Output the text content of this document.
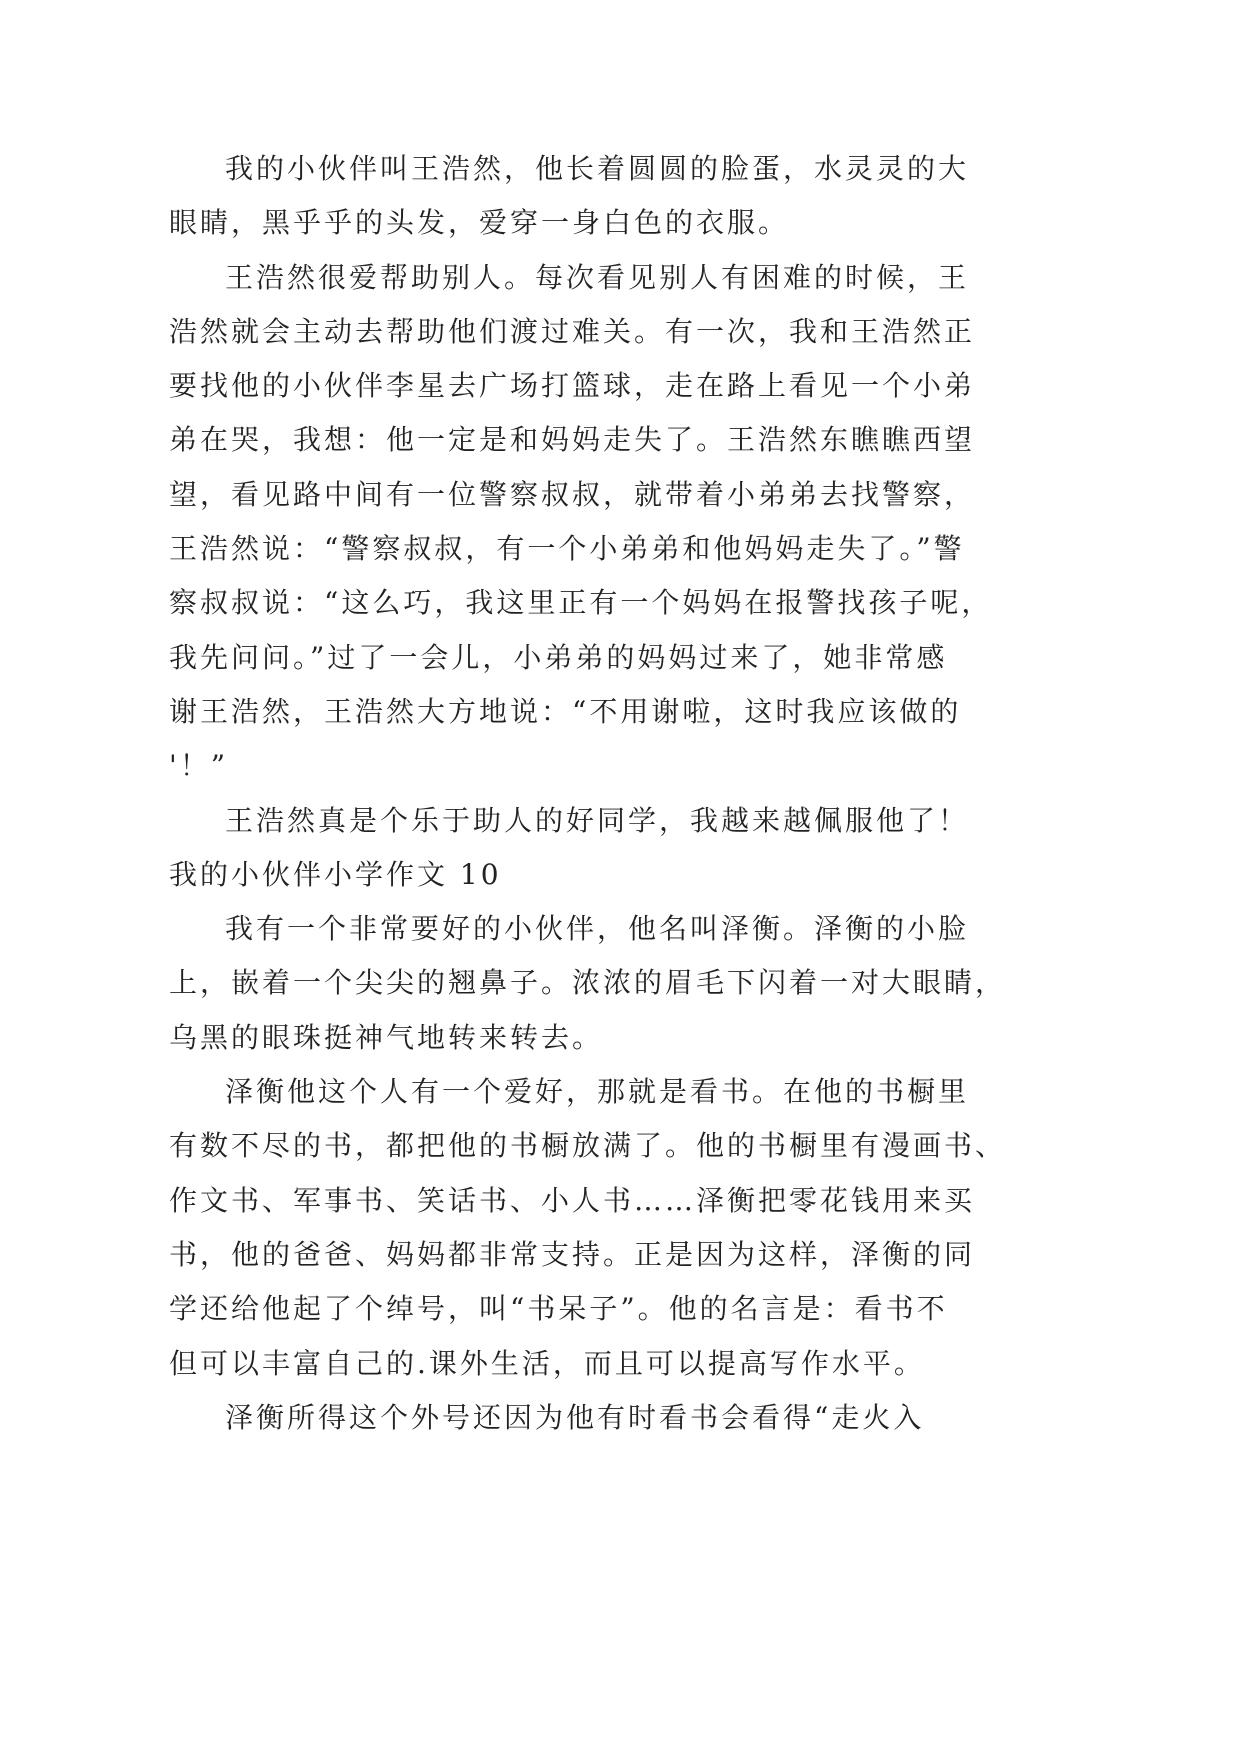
我的小伙伴叫王浩然，他长着圆圆的脸蛋，水灵灵的大
眼睛，黑乎乎的头发，爱穿一身白色的衣服。

王浩然很爱帮助别人。每次看见别人有困难的时候，王
浩然就会主动去帮助他们渡过难关。有一次，我和王浩然正
要找他的小伙伴李星去广场打篮球，走在路上看见一个小弟
弟在哭，我想：他一定是和妈妈走失了。王浩然东瞧瞧西望
望，看见路中间有一位警察叔叔，就带着小弟弟去找警察，
王浩然说：“警察叔叔，有一个小弟弟和他妈妈走失了。”警
察叔叔说：“这么巧，我这里正有一个妈妈在报警找孩子呢，
我先问问。”过了一会儿，小弟弟的妈妈过来了，她非常感
谢王浩然，王浩然大方地说：“不用谢啦，这时我应该做的
'！”

王浩然真是个乐于助人的好同学，我越来越佩服他了！

我的小伙伴小学作文 10

我有一个非常要好的小伙伴，他名叫泽衡。泽衡的小脸
上，嵌着一个尖尖的翘鼻子。浓浓的眉毛下闪着一对大眼睛，
乌黑的眼珠挺神气地转来转去。

泽衡他这个人有一个爱好，那就是看书。在他的书橱里
有数不尽的书，都把他的书橱放满了。他的书橱里有漫画书、
作文书、军事书、笑话书、小人书……泽衡把零花钱用来买
书，他的爸爸、妈妈都非常支持。正是因为这样，泽衡的同
学还给他起了个绰号，叫“书呆子”。他的名言是：看书不
但可以丰富自己的.课外生活，而且可以提高写作水平。

泽衡所得这个外号还因为他有时看书会看得“走火入
